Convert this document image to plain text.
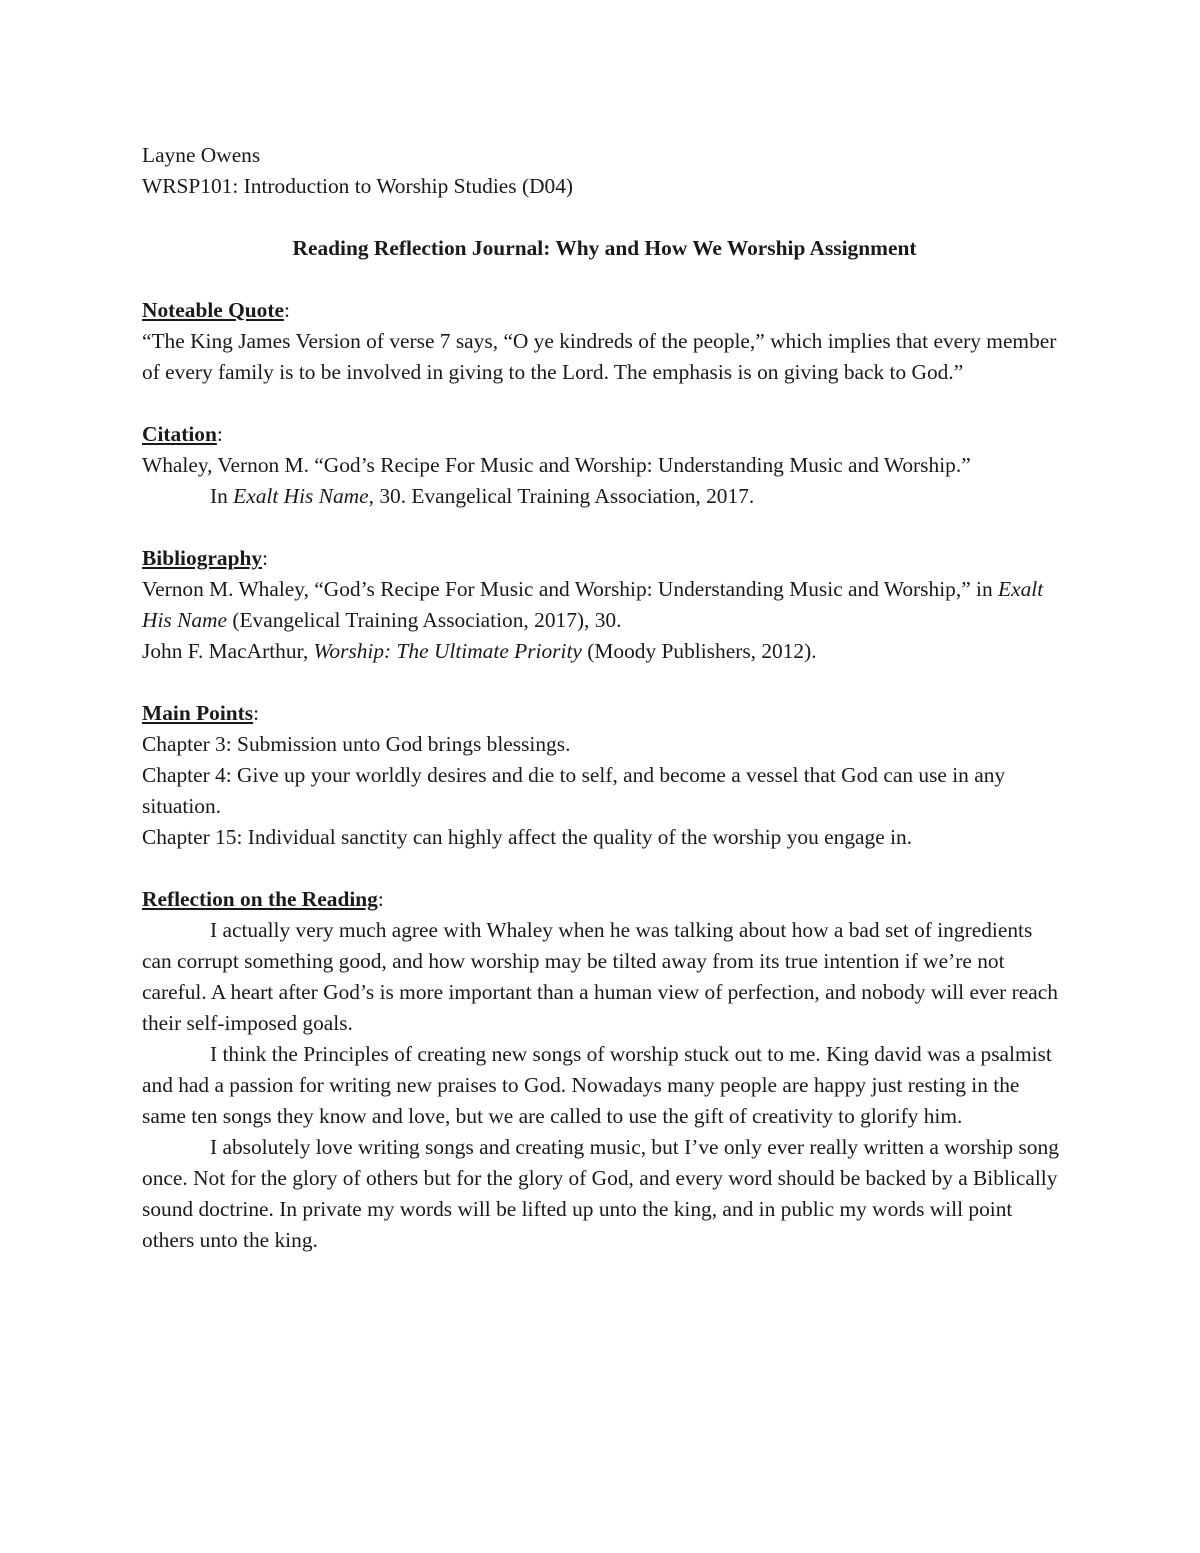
Layne Owens
WRSP101: Introduction to Worship Studies (D04)
Reading Reflection Journal: Why and How We Worship Assignment
Noteable Quote:

“The King James Version of verse 7 says, “O ye kindreds of the people,” which implies that every member of every family is to be involved in giving to the Lord. The emphasis is on giving back to God.”

Citation:
Whaley, Vernon M. “God’s Recipe For Music and Worship: Understanding Music and Worship.”
In Exalt His Name, 30. Evangelical Training Association, 2017.
Bibliography:

Vernon M. Whaley, “God’s Recipe For Music and Worship: Understanding Music and Worship,” in Exalt His Name (Evangelical Training Association, 2017), 30.

John F. MacArthur, Worship: The Ultimate Priority (Moody Publishers, 2012).

Main Points:

Chapter 3: Submission unto God brings blessings.

Chapter 4: Give up your worldly desires and die to self, and become a vessel that God can use in any situation.

Chapter 15: Individual sanctity can highly affect the quality of the worship you engage in.

Reflection on the Reading:

I actually very much agree with Whaley when he was talking about how a bad set of ingredients can corrupt something good, and how worship may be tilted away from its true intention if we’re not careful. A heart after God’s is more important than a human view of perfection, and nobody will ever reach their self-imposed goals.

I think the Principles of creating new songs of worship stuck out to me. King david was a psalmist and had a passion for writing new praises to God. Nowadays many people are happy just resting in the same ten songs they know and love, but we are called to use the gift of creativity to glorify him.

I absolutely love writing songs and creating music, but I’ve only ever really written a worship song once. Not for the glory of others but for the glory of God, and every word should be backed by a Biblically sound doctrine. In private my words will be lifted up unto the king, and in public my words will point others unto the king.
